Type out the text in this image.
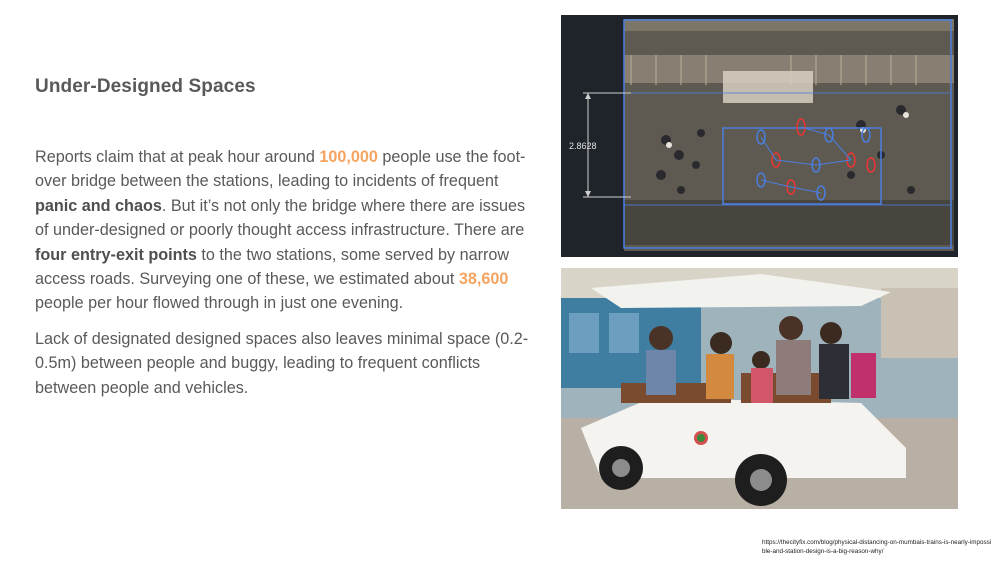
Under-Designed Spaces

Reports claim that at peak hour around 100,000 people use the foot-over bridge between the stations, leading to incidents of frequent panic and chaos. But it’s not only the bridge where there are issues of under-designed or poorly thought access infrastructure. There are four entry-exit points to the two stations, some served by narrow access roads. Surveying one of these, we estimated about 38,600 people per hour flowed through in just one evening.

Lack of designated designed spaces also leaves minimal space (0.2-0.5m) between people and buggy, leading to frequent conflicts between people and vehicles.

2.8628
https://thecityfix.com/blog/physical-distancing-on-mumbais-trains-is-nearly-impossible-and-station-design-is-a-big-reason-why/
